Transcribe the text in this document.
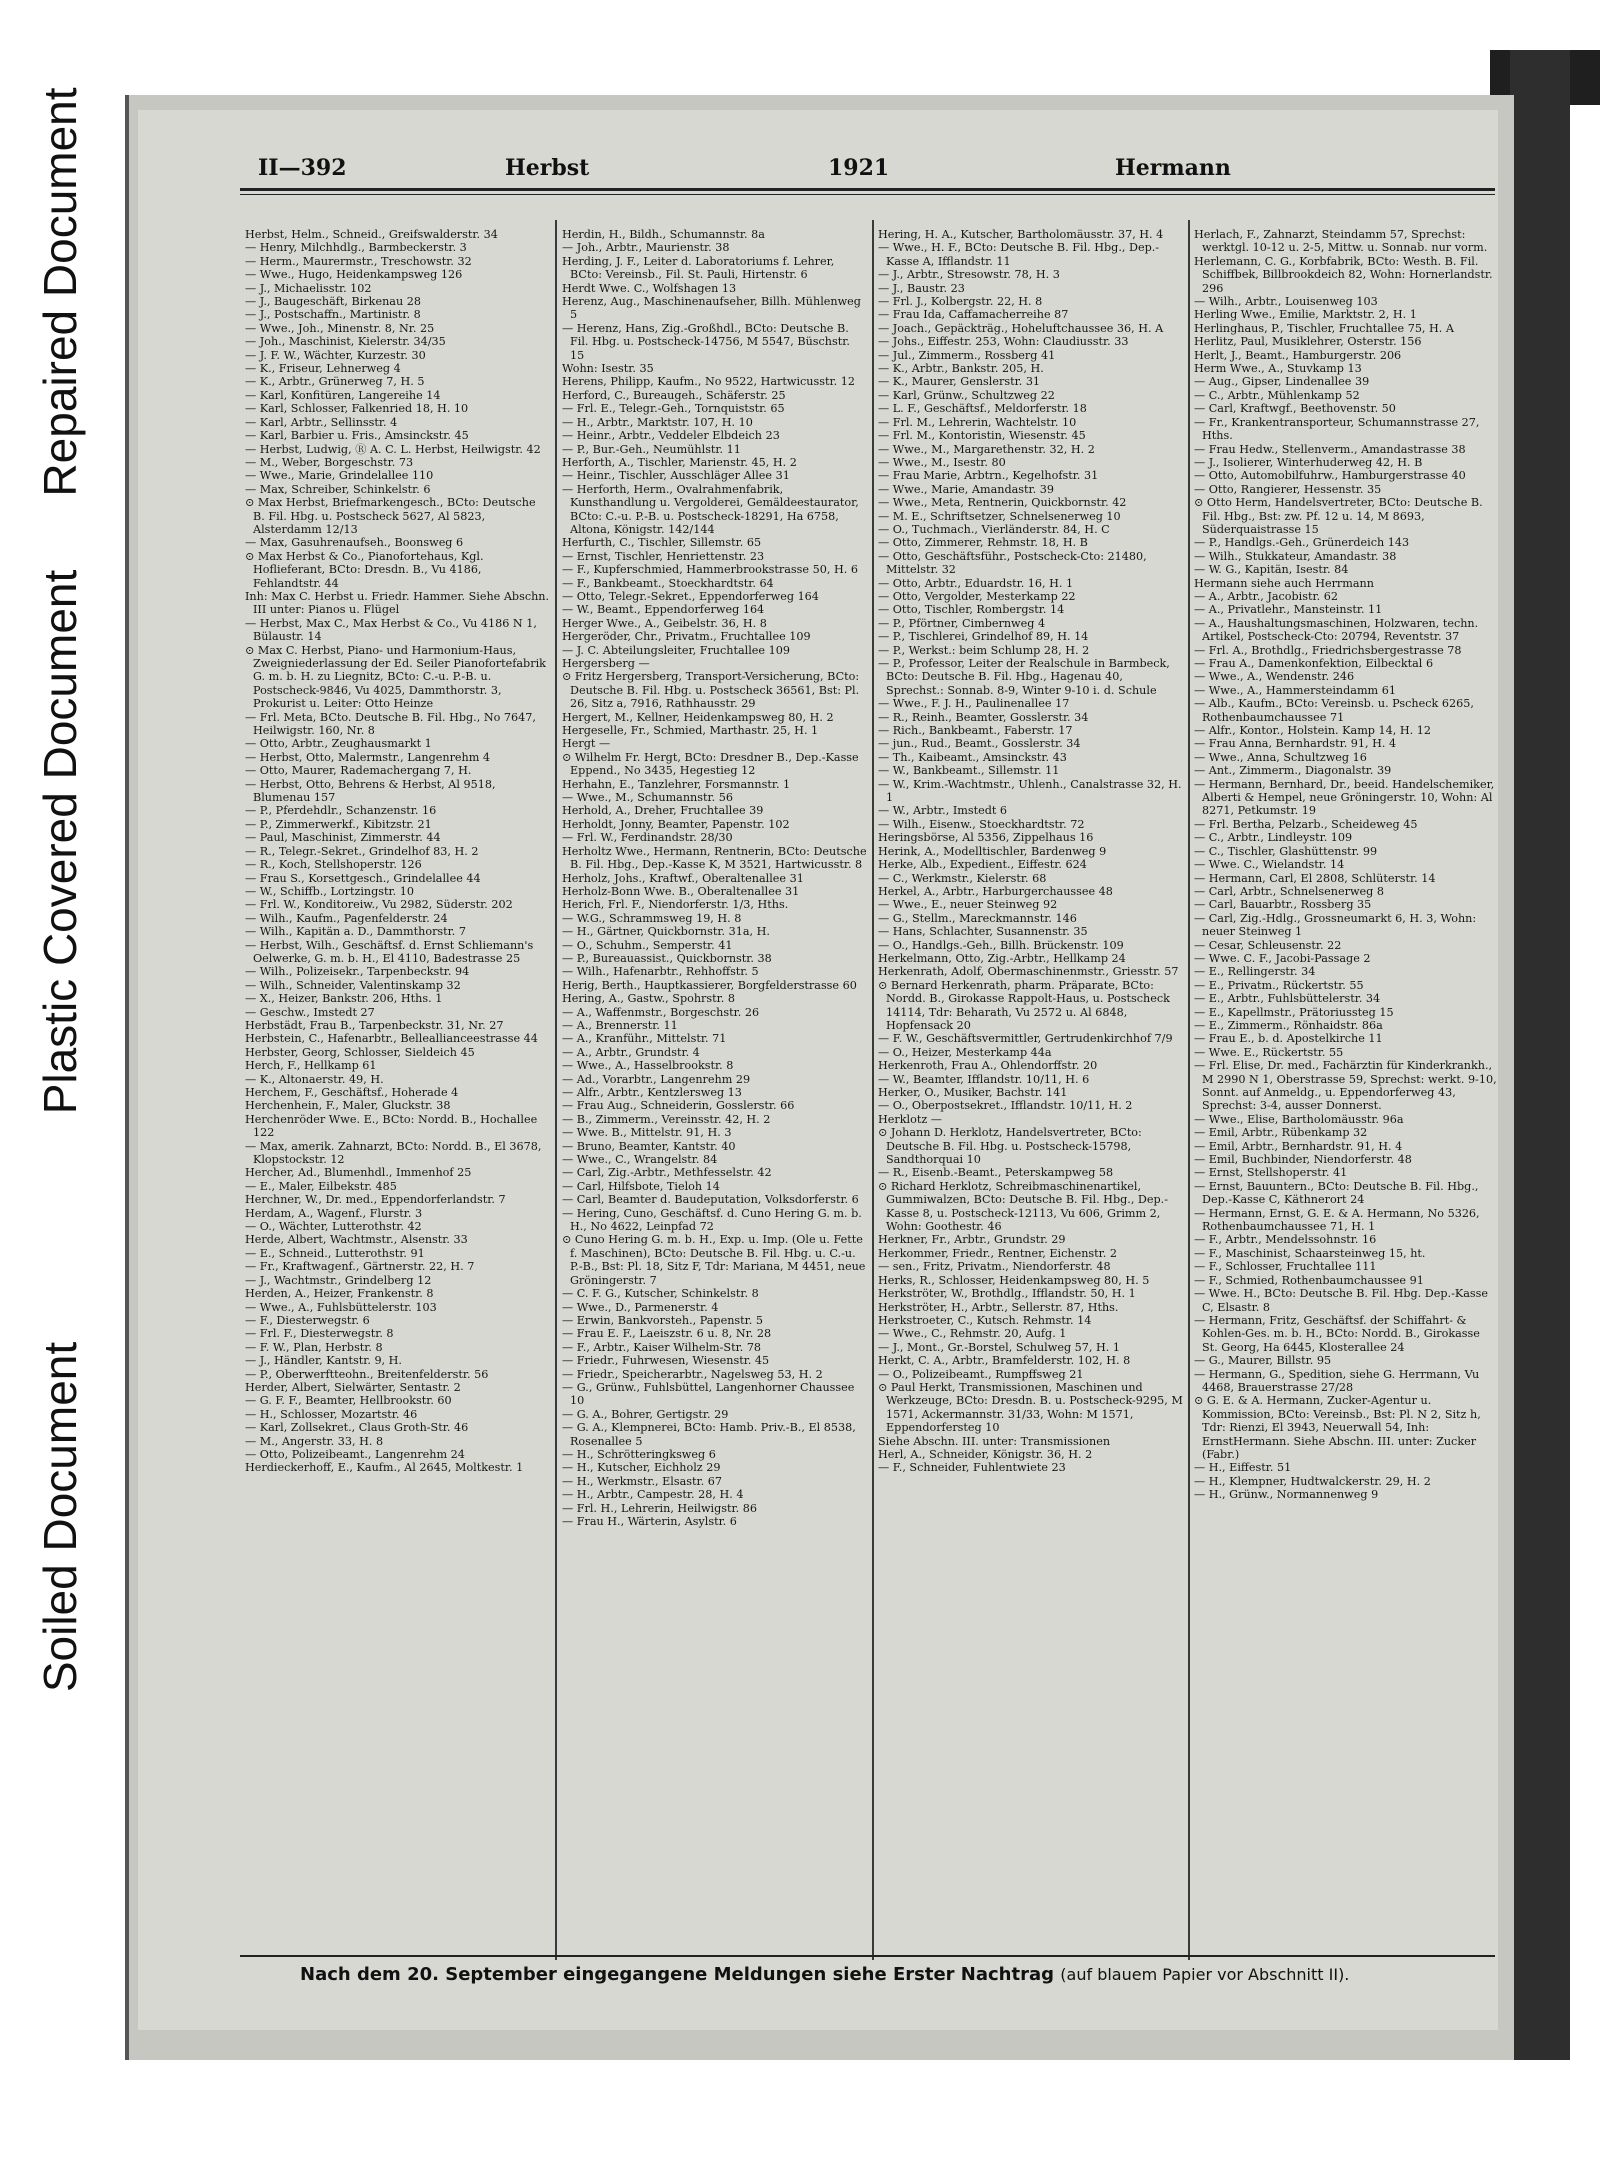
Soiled Document
Plastic Covered Document
Repaired Document	II—392	Herbst	1921	Hermann

Herbst, Helm., Schneid., Greifswalderstr. 34

— Henry, Milchhdlg., Barmbeckerstr. 3

— Herm., Maurermstr., Treschowstr. 32

— Wwe., Hugo, Heidenkampsweg 126

— J., Michaelisstr. 102

— J., Baugeschäft, Birkenau 28

— J., Postschaffn., Martinistr. 8

— Wwe., Joh., Minenstr. 8, Nr. 25

— Joh., Maschinist, Kielerstr. 34/35

— J. F. W., Wächter, Kurzestr. 30

— K., Friseur, Lehnerweg 4

— K., Arbtr., Grünerweg 7, H. 5

— Karl, Konfitüren, Langereihe 14

— Karl, Schlosser, Falkenried 18, H. 10

— Karl, Arbtr., Sellinsstr. 4

— Karl, Barbier u. Fris., Amsinckstr. 45

— Herbst, Ludwig, Ⓡ A. C. L. Herbst, Heilwigstr. 42

— M., Weber, Borgeschstr. 73

— Wwe., Marie, Grindelallee 110

— Max, Schreiber, Schinkelstr. 6

⊙ Max Herbst, Briefmarkengesch., BCto: Deutsche B. Fil. Hbg. u. Postscheck 5627, Al 5823, Alsterdamm 12/13

— Max, Gasuhrenaufseh., Boonsweg 6

⊙ Max Herbst & Co., Pianofortehaus, Kgl. Hoflieferant, BCto: Dresdn. B., Vu 4186, Fehlandtstr. 44

Inh: Max C. Herbst u. Friedr. Hammer. Siehe Abschn. III unter: Pianos u. Flügel

— Herbst, Max C., Max Herbst & Co., Vu 4186 N 1, Bülaustr. 14

⊙ Max C. Herbst, Piano- und Harmonium-Haus, Zweigniederlassung der Ed. Seiler Pianofortefabrik G. m. b. H. zu Liegnitz, BCto: C.-u. P.-B. u. Postscheck-9846, Vu 4025, Dammthorstr. 3, Prokurist u. Leiter: Otto Heinze

— Frl. Meta, BCto. Deutsche B. Fil. Hbg., No 7647, Heilwigstr. 160, Nr. 8

— Otto, Arbtr., Zeughausmarkt 1

— Herbst, Otto, Malermstr., Langenrehm 4

— Otto, Maurer, Rademachergang 7, H.

— Herbst, Otto, Behrens & Herbst, Al 9518, Blumenau 157

— P., Pferdehdlr., Schanzenstr. 16

— P., Zimmerwerkf., Kibitzstr. 21

— Paul, Maschinist, Zimmerstr. 44

— R., Telegr.-Sekret., Grindelhof 83, H. 2

— R., Koch, Stellshoperstr. 126

— Frau S., Korsettgesch., Grindelallee 44

— W., Schiffb., Lortzingstr. 10

— Frl. W., Konditoreiw., Vu 2982, Süderstr. 202

— Wilh., Kaufm., Pagenfelderstr. 24

— Wilh., Kapitän a. D., Dammthorstr. 7

— Herbst, Wilh., Geschäftsf. d. Ernst Schliemann's Oelwerke, G. m. b. H., El 4110, Badestrasse 25

— Wilh., Polizeisekr., Tarpenbeckstr. 94

— Wilh., Schneider, Valentinskamp 32

— X., Heizer, Bankstr. 206, Hths. 1

— Geschw., Imstedt 27

Herbstädt, Frau B., Tarpenbeckstr. 31, Nr. 27

Herbstein, C., Hafenarbtr., Belleallianceestrasse 44

Herbster, Georg, Schlosser, Sieldeich 45

Herch, F., Hellkamp 61

— K., Altonaerstr. 49, H.

Herchem, F., Geschäftsf., Hoherade 4

Herchenhein, F., Maler, Gluckstr. 38

Herchenröder Wwe. E., BCto: Nordd. B., Hochallee 122

— Max, amerik. Zahnarzt, BCto: Nordd. B., El 3678, Klopstockstr. 12

Hercher, Ad., Blumenhdl., Immenhof 25

— E., Maler, Eilbekstr. 485

Herchner, W., Dr. med., Eppendorferlandstr. 7

Herdam, A., Wagenf., Flurstr. 3

— O., Wächter, Lutterothstr. 42

Herde, Albert, Wachtmstr., Alsenstr. 33

— E., Schneid., Lutterothstr. 91

— Fr., Kraftwagenf., Gärtnerstr. 22, H. 7

— J., Wachtmstr., Grindelberg 12

Herden, A., Heizer, Frankenstr. 8

— Wwe., A., Fuhlsbüttelerstr. 103

— F., Diesterwegstr. 6

— Frl. F., Diesterwegstr. 8

— F. W., Plan, Herbstr. 8

— J., Händler, Kantstr. 9, H.

— P., Oberwerftteohn., Breitenfelderstr. 56

Herder, Albert, Sielwärter, Sentastr. 2

— G. F. F., Beamter, Hellbrookstr. 60

— H., Schlosser, Mozartstr. 46

— Karl, Zollsekret., Claus Groth-Str. 46

— M., Angerstr. 33, H. 8

— Otto, Polizeibeamt., Langenrehm 24

Herdieckerhoff, E., Kaufm., Al 2645, Moltkestr. 1

Herdin, H., Bildh., Schumannstr. 8a

— Joh., Arbtr., Maurienstr. 38

Herding, J. F., Leiter d. Laboratoriums f. Lehrer, BCto: Vereinsb., Fil. St. Pauli, Hirtenstr. 6

Herdt Wwe. C., Wolfshagen 13

Herenz, Aug., Maschinenaufseher, Billh. Mühlenweg 5

— Herenz, Hans, Zig.-Großhdl., BCto: Deutsche B. Fil. Hbg. u. Postscheck-14756, M 5547, Büschstr. 15

Wohn: Isestr. 35

Herens, Philipp, Kaufm., No 9522, Hartwicusstr. 12

Herford, C., Bureaugeh., Schäferstr. 25

— Frl. E., Telegr.-Geh., Tornquiststr. 65

— H., Arbtr., Marktstr. 107, H. 10

— Heinr., Arbtr., Veddeler Elbdeich 23

— P., Bur.-Geh., Neumühlstr. 11

Herforth, A., Tischler, Marienstr. 45, H. 2

— Heinr., Tischler, Ausschläger Allee 31

— Herforth, Herm., Ovalrahmenfabrik, Kunsthandlung u. Vergolderei, Gemäldeestaurator, BCto: C.-u. P.-B. u. Postscheck-18291, Ha 6758, Altona, Königstr. 142/144

Herfurth, C., Tischler, Sillemstr. 65

— Ernst, Tischler, Henriettenstr. 23

— F., Kupferschmied, Hammerbrookstrasse 50, H. 6

— F., Bankbeamt., Stoeckhardtstr. 64

— Otto, Telegr.-Sekret., Eppendorferweg 164

— W., Beamt., Eppendorferweg 164

Herger Wwe., A., Geibelstr. 36, H. 8

Hergeröder, Chr., Privatm., Fruchtallee 109

— J. C. Abteilungsleiter, Fruchtallee 109

Hergersberg —

⊙ Fritz Hergersberg, Transport-Versicherung, BCto: Deutsche B. Fil. Hbg. u. Postscheck 36561, Bst: Pl. 26, Sitz a, 7916, Rathhausstr. 29

Hergert, M., Kellner, Heidenkampsweg 80, H. 2

Hergeselle, Fr., Schmied, Marthastr. 25, H. 1

Hergt —

⊙ Wilhelm Fr. Hergt, BCto: Dresdner B., Dep.-Kasse Eppend., No 3435, Hegestieg 12

Herhahn, E., Tanzlehrer, Forsmannstr. 1

— Wwe., M., Schumannstr. 56

Herhold, A., Dreher, Fruchtallee 39

Herholdt, Jonny, Beamter, Papenstr. 102

— Frl. W., Ferdinandstr. 28/30

Herholtz Wwe., Hermann, Rentnerin, BCto: Deutsche B. Fil. Hbg., Dep.-Kasse K, M 3521, Hartwicusstr. 8

Herholz, Johs., Kraftwf., Oberaltenallee 31

Herholz-Bonn Wwe. B., Oberaltenallee 31

Herich, Frl. F., Niendorferstr. 1/3, Hths.

— W.G., Schrammsweg 19, H. 8

— H., Gärtner, Quickbornstr. 31a, H.

— O., Schuhm., Semperstr. 41

— P., Bureauassist., Quickbornstr. 38

— Wilh., Hafenarbtr., Rehhoffstr. 5

Herig, Berth., Hauptkassierer, Borgfelderstrasse 60

Hering, A., Gastw., Spohrstr. 8

— A., Waffenmstr., Borgeschstr. 26

— A., Brennerstr. 11

— A., Kranführ., Mittelstr. 71

— A., Arbtr., Grundstr. 4

— Wwe., A., Hasselbrookstr. 8

— Ad., Vorarbtr., Langenrehm 29

— Alfr., Arbtr., Kentzlersweg 13

— Frau Aug., Schneiderin, Gosslerstr. 66

— B., Zimmerm., Vereinsstr. 42, H. 2

— Wwe. B., Mittelstr. 91, H. 3

— Bruno, Beamter, Kantstr. 40

— Wwe., C., Wrangelstr. 84

— Carl, Zig.-Arbtr., Methfesselstr. 42

— Carl, Hilfsbote, Tieloh 14

— Carl, Beamter d. Baudeputation, Volksdorferstr. 6

— Hering, Cuno, Geschäftsf. d. Cuno Hering G. m. b. H., No 4622, Leinpfad 72

⊙ Cuno Hering G. m. b. H., Exp. u. Imp. (Ole u. Fette f. Maschinen), BCto: Deutsche B. Fil. Hbg. u. C.-u. P.-B., Bst: Pl. 18, Sitz F, Tdr: Mariana, M 4451, neue Gröningerstr. 7

— C. F. G., Kutscher, Schinkelstr. 8

— Wwe., D., Parmenerstr. 4

— Erwin, Bankvorsteh., Papenstr. 5

— Frau E. F., Laeiszstr. 6 u. 8, Nr. 28

— F., Arbtr., Kaiser Wilhelm-Str. 78

— Friedr., Fuhrwesen, Wiesenstr. 45

— Friedr., Speicherarbtr., Nagelsweg 53, H. 2

— G., Grünw., Fuhlsbüttel, Langenhorner Chaussee 10

— G. A., Bohrer, Gertigstr. 29

— G. A., Klempnerei, BCto: Hamb. Priv.-B., El 8538, Rosenallee 5

— H., Schrötteringksweg 6

— H., Kutscher, Eichholz 29

— H., Werkmstr., Elsastr. 67

— H., Arbtr., Campestr. 28, H. 4

— Frl. H., Lehrerin, Heilwigstr. 86

— Frau H., Wärterin, Asylstr. 6

Hering, H. A., Kutscher, Bartholomäusstr. 37, H. 4

— Wwe., H. F., BCto: Deutsche B. Fil. Hbg., Dep.-Kasse A, Ifflandstr. 11

— J., Arbtr., Stresowstr. 78, H. 3

— J., Baustr. 23

— Frl. J., Kolbergstr. 22, H. 8

— Frau Ida, Caffamacherreihe 87

— Joach., Gepäckträg., Hoheluftchaussee 36, H. A

— Johs., Eiffestr. 253, Wohn: Claudiusstr. 33

— Jul., Zimmerm., Rossberg 41

— K., Arbtr., Bankstr. 205, H.

— K., Maurer, Genslerstr. 31

— Karl, Grünw., Schultzweg 22

— L. F., Geschäftsf., Meldorferstr. 18

— Frl. M., Lehrerin, Wachtelstr. 10

— Frl. M., Kontoristin, Wiesenstr. 45

— Wwe., M., Margarethenstr. 32, H. 2

— Wwe., M., Isestr. 80

— Frau Marie, Arbtrn., Kegelhofstr. 31

— Wwe., Marie, Amandastr. 39

— Wwe., Meta, Rentnerin, Quickbornstr. 42

— M. E., Schriftsetzer, Schnelsenerweg 10

— O., Tuchmach., Vierländerstr. 84, H. C

— Otto, Zimmerer, Rehmstr. 18, H. B

— Otto, Geschäftsführ., Postscheck-Cto: 21480, Mittelstr. 32

— Otto, Arbtr., Eduardstr. 16, H. 1

— Otto, Vergolder, Mesterkamp 22

— Otto, Tischler, Rombergstr. 14

— P., Pförtner, Cimbernweg 4

— P., Tischlerei, Grindelhof 89, H. 14

— P., Werkst.: beim Schlump 28, H. 2

— P., Professor, Leiter der Realschule in Barmbeck, BCto: Deutsche B. Fil. Hbg., Hagenau 40, Sprechst.: Sonnab. 8-9, Winter 9-10 i. d. Schule

— Wwe., F. J. H., Paulinenallee 17

— R., Reinh., Beamter, Gosslerstr. 34

— Rich., Bankbeamt., Faberstr. 17

— jun., Rud., Beamt., Gosslerstr. 34

— Th., Kaibeamt., Amsinckstr. 43

— W., Bankbeamt., Sillemstr. 11

— W., Krim.-Wachtmstr., Uhlenh., Canalstrasse 32, H. 1

— W., Arbtr., Imstedt 6

— Wilh., Eisenw., Stoeckhardtstr. 72

Heringsbörse, Al 5356, Zippelhaus 16

Herink, A., Modelltischler, Bardenweg 9

Herke, Alb., Expedient., Eiffestr. 624

— C., Werkmstr., Kielerstr. 68

Herkel, A., Arbtr., Harburgerchaussee 48

— Wwe., E., neuer Steinweg 92

— G., Stellm., Mareckmannstr. 146

— Hans, Schlachter, Susannenstr. 35

— O., Handlgs.-Geh., Billh. Brückenstr. 109

Herkelmann, Otto, Zig.-Arbtr., Hellkamp 24

Herkenrath, Adolf, Obermaschinenmstr., Griesstr. 57

⊙ Bernard Herkenrath, pharm. Präparate, BCto: Nordd. B., Girokasse Rappolt-Haus, u. Postscheck 14114, Tdr: Beharath, Vu 2572 u. Al 6848, Hopfensack 20

— F. W., Geschäftsvermittler, Gertrudenkirchhof 7/9

— O., Heizer, Mesterkamp 44a

Herkenroth, Frau A., Ohlendorffstr. 20

— W., Beamter, Ifflandstr. 10/11, H. 6

Herker, O., Musiker, Bachstr. 141

— O., Oberpostsekret., Ifflandstr. 10/11, H. 2

Herklotz —

⊙ Johann D. Herklotz, Handelsvertreter, BCto: Deutsche B. Fil. Hbg. u. Postscheck-15798, Sandthorquai 10

— R., Eisenb.-Beamt., Peterskampweg 58

⊙ Richard Herklotz, Schreibmaschinenartikel, Gummiwalzen, BCto: Deutsche B. Fil. Hbg., Dep.-Kasse 8, u. Postscheck-12113, Vu 606, Grimm 2, Wohn: Goothestr. 46

Herkner, Fr., Arbtr., Grundstr. 29

Herkommer, Friedr., Rentner, Eichenstr. 2

— sen., Fritz, Privatm., Niendorferstr. 48

Herks, R., Schlosser, Heidenkampsweg 80, H. 5

Herkströter, W., Brothdlg., Ifflandstr. 50, H. 1

Herkströter, H., Arbtr., Sellerstr. 87, Hths.

Herkstroeter, C., Kutsch. Rehmstr. 14

— Wwe., C., Rehmstr. 20, Aufg. 1

— J., Mont., Gr.-Borstel, Schulweg 57, H. 1

Herkt, C. A., Arbtr., Bramfelderstr. 102, H. 8

— O., Polizeibeamt., Rumpffsweg 21

⊙ Paul Herkt, Transmissionen, Maschinen und Werkzeuge, BCto: Dresdn. B. u. Postscheck-9295, M 1571, Ackermannstr. 31/33, Wohn: M 1571, Eppendorfersteg 10

Siehe Abschn. III. unter: Transmissionen

Herl, A., Schneider, Königstr. 36, H. 2

— F., Schneider, Fuhlentwiete 23

Herlach, F., Zahnarzt, Steindamm 57, Sprechst: werktgl. 10-12 u. 2-5, Mittw. u. Sonnab. nur vorm.

Herlemann, C. G., Korbfabrik, BCto: Westh. B. Fil. Schiffbek, Billbrookdeich 82, Wohn: Hornerlandstr. 296

— Wilh., Arbtr., Louisenweg 103

Herling Wwe., Emilie, Marktstr. 2, H. 1

Herlinghaus, P., Tischler, Fruchtallee 75, H. A

Herlitz, Paul, Musiklehrer, Osterstr. 156

Herlt, J., Beamt., Hamburgerstr. 206

Herm Wwe., A., Stuvkamp 13

— Aug., Gipser, Lindenallee 39

— C., Arbtr., Mühlenkamp 52

— Carl, Kraftwgf., Beethovenstr. 50

— Fr., Krankentransporteur, Schumannstrasse 27, Hths.

— Frau Hedw., Stellenverm., Amandastrasse 38

— J., Isolierer, Winterhuderweg 42, H. B

— Otto, Automobilfuhrw., Hamburgerstrasse 40

— Otto, Rangierer, Hessenstr. 35

⊙ Otto Herm, Handelsvertreter, BCto: Deutsche B. Fil. Hbg., Bst: zw. Pf. 12 u. 14, M 8693, Süderquaistrasse 15

— P., Handlgs.-Geh., Grünerdeich 143

— Wilh., Stukkateur, Amandastr. 38

— W. G., Kapitän, Isestr. 84

Hermann siehe auch Herrmann

— A., Arbtr., Jacobistr. 62

— A., Privatlehr., Mansteinstr. 11

— A., Haushaltungsmaschinen, Holzwaren, techn. Artikel, Postscheck-Cto: 20794, Reventstr. 37

— Frl. A., Brothdlg., Friedrichsbergestrasse 78

— Frau A., Damenkonfektion, Eilbecktal 6

— Wwe., A., Wendenstr. 246

— Wwe., A., Hammersteindamm 61

— Alb., Kaufm., BCto: Vereinsb. u. Pscheck 6265, Rothenbaumchaussee 71

— Alfr., Kontor., Holstein. Kamp 14, H. 12

— Frau Anna, Bernhardstr. 91, H. 4

— Wwe., Anna, Schultzweg 16

— Ant., Zimmerm., Diagonalstr. 39

— Hermann, Bernhard, Dr., beeid. Handelschemiker, Alberti & Hempel, neue Gröningerstr. 10, Wohn: Al 8271, Petkumstr. 19

— Frl. Bertha, Pelzarb., Scheideweg 45

— C., Arbtr., Lindleystr. 109

— C., Tischler, Glashüttenstr. 99

— Wwe. C., Wielandstr. 14

— Hermann, Carl, El 2808, Schlüterstr. 14

— Carl, Arbtr., Schnelsenerweg 8

— Carl, Bauarbtr., Rossberg 35

— Carl, Zig.-Hdlg., Grossneumarkt 6, H. 3, Wohn: neuer Steinweg 1

— Cesar, Schleusenstr. 22

— Wwe. C. F., Jacobi-Passage 2

— E., Rellingerstr. 34

— E., Privatm., Rückertstr. 55

— E., Arbtr., Fuhlsbüttelerstr. 34

— E., Kapellmstr., Prätoriussteg 15

— E., Zimmerm., Rönhaidstr. 86a

— Frau E., b. d. Apostelkirche 11

— Wwe. E., Rückertstr. 55

— Frl. Elise, Dr. med., Fachärztin für Kinderkrankh., M 2990 N 1, Oberstrasse 59, Sprechst: werkt. 9-10, Sonnt. auf Anmeldg., u. Eppendorferweg 43, Sprechst: 3-4, ausser Donnerst.

— Wwe., Elise, Bartholomäusstr. 96a

— Emil, Arbtr., Rübenkamp 32

— Emil, Arbtr., Bernhardstr. 91, H. 4

— Emil, Buchbinder, Niendorferstr. 48

— Ernst, Stellshoperstr. 41

— Ernst, Bauuntern., BCto: Deutsche B. Fil. Hbg., Dep.-Kasse C, Käthnerort 24

— Hermann, Ernst, G. E. & A. Hermann, No 5326, Rothenbaumchaussee 71, H. 1

— F., Arbtr., Mendelssohnstr. 16

— F., Maschinist, Schaarsteinweg 15, ht.

— F., Schlosser, Fruchtallee 111

— F., Schmied, Rothenbaumchaussee 91

— Wwe. H., BCto: Deutsche B. Fil. Hbg. Dep.-Kasse C, Elsastr. 8

— Hermann, Fritz, Geschäftsf. der Schiffahrt- & Kohlen-Ges. m. b. H., BCto: Nordd. B., Girokasse St. Georg, Ha 6445, Klosterallee 24

— G., Maurer, Billstr. 95

— Hermann, G., Spedition, siehe G. Herrmann, Vu 4468, Brauerstrasse 27/28

⊙ G. E. & A. Hermann, Zucker-Agentur u. Kommission, BCto: Vereinsb., Bst: Pl. N 2, Sitz h, Tdr: Rienzi, El 3943, Neuerwall 54, Inh: ErnstHermann. Siehe Abschn. III. unter: Zucker (Fabr.)

— H., Eiffestr. 51

— H., Klempner, Hudtwalckerstr. 29, H. 2

— H., Grünw., Normannenweg 9

Nach dem 20. September eingegangene Meldungen siehe Erster Nachtrag (auf blauem Papier vor Abschnitt II).
